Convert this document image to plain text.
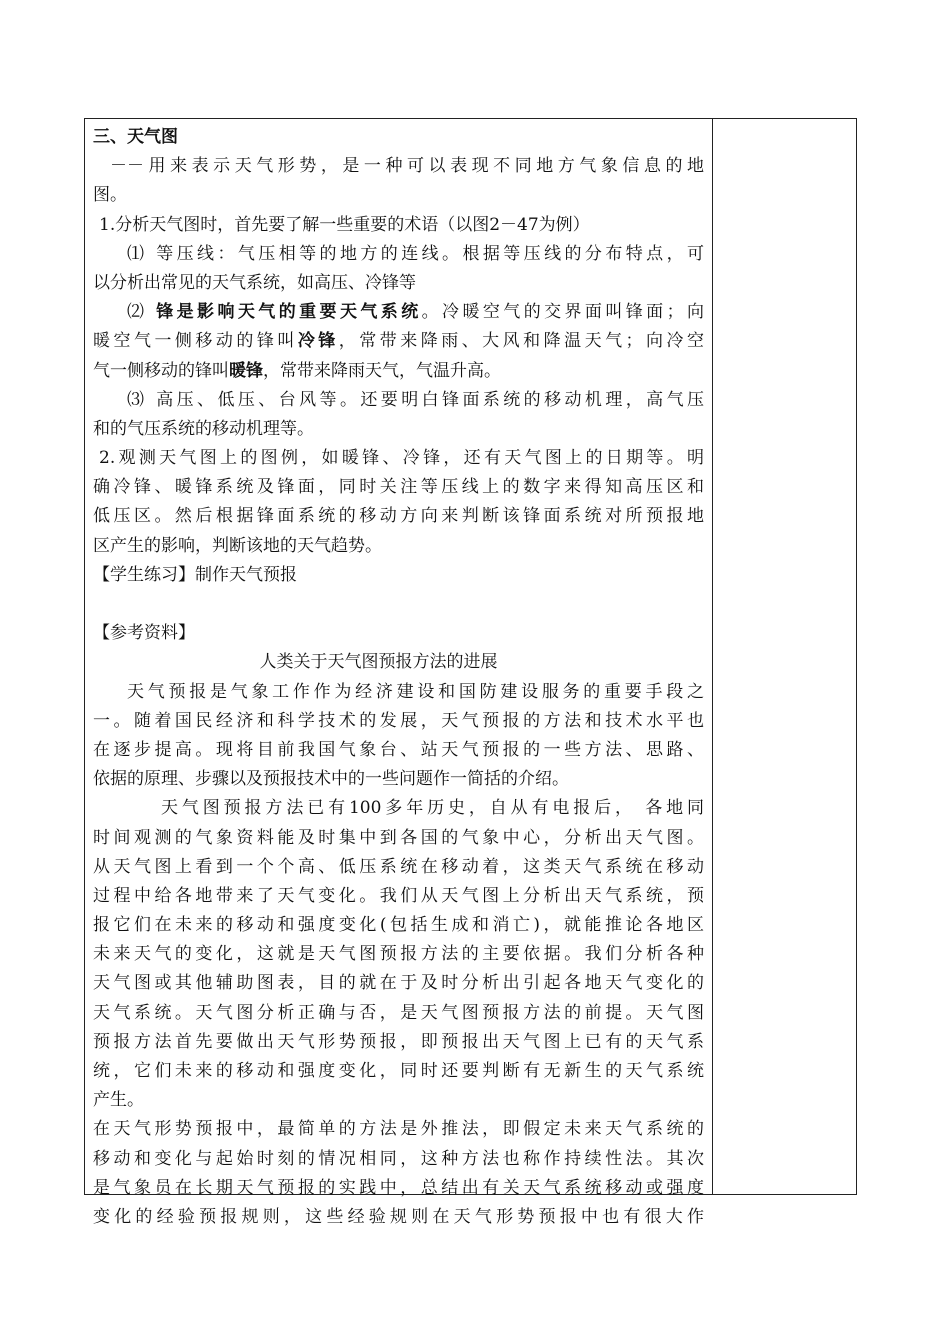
三、天气图
－－用来表示天气形势，是一种可以表现不同地方气象信息的地
图。
1.分析天气图时，首先要了解一些重要的术语（以图2－47为例）
⑴ 等压线：气压相等的地方的连线。根据等压线的分布特点，可
以分析出常见的天气系统，如高压、冷锋等
⑵ 锋是影响天气的重要天气系统。冷暖空气的交界面叫锋面；向
暖空气一侧移动的锋叫冷锋，常带来降雨、大风和降温天气；向冷空
气一侧移动的锋叫暖锋，常带来降雨天气，气温升高。
⑶ 高压、低压、台风等。还要明白锋面系统的移动机理，高气压
和的气压系统的移动机理等。
2.观测天气图上的图例，如暖锋、冷锋，还有天气图上的日期等。明
确冷锋、暖锋系统及锋面，同时关注等压线上的数字来得知高压区和
低压区。然后根据锋面系统的移动方向来判断该锋面系统对所预报地
区产生的影响，判断该地的天气趋势。
【学生练习】制作天气预报
【参考资料】
人类关于天气图预报方法的进展
天气预报是气象工作作为经济建设和国防建设服务的重要手段之
一。随着国民经济和科学技术的发展，天气预报的方法和技术水平也
在逐步提高。现将目前我国气象台、站天气预报的一些方法、思路、
依据的原理、步骤以及预报技术中的一些问题作一简括的介绍。
天气图预报方法已有100多年历史，自从有电报后， 各地同
时间观测的气象资料能及时集中到各国的气象中心，分析出天气图。
从天气图上看到一个个高、低压系统在移动着，这类天气系统在移动
过程中给各地带来了天气变化。我们从天气图上分析出天气系统，预
报它们在未来的移动和强度变化(包括生成和消亡)，就能推论各地区
未来天气的变化，这就是天气图预报方法的主要依据。我们分析各种
天气图或其他辅助图表，目的就在于及时分析出引起各地天气变化的
天气系统。天气图分析正确与否，是天气图预报方法的前提。天气图
预报方法首先要做出天气形势预报，即预报出天气图上已有的天气系
统，它们未来的移动和强度变化，同时还要判断有无新生的天气系统
产生。
在天气形势预报中，最简单的方法是外推法，即假定未来天气系统的
移动和变化与起始时刻的情况相同，这种方法也称作持续性法。其次
是气象员在长期天气预报的实践中，总结出有关天气系统移动或强度
变化的经验预报规则，这些经验规则在天气形势预报中也有很大作
